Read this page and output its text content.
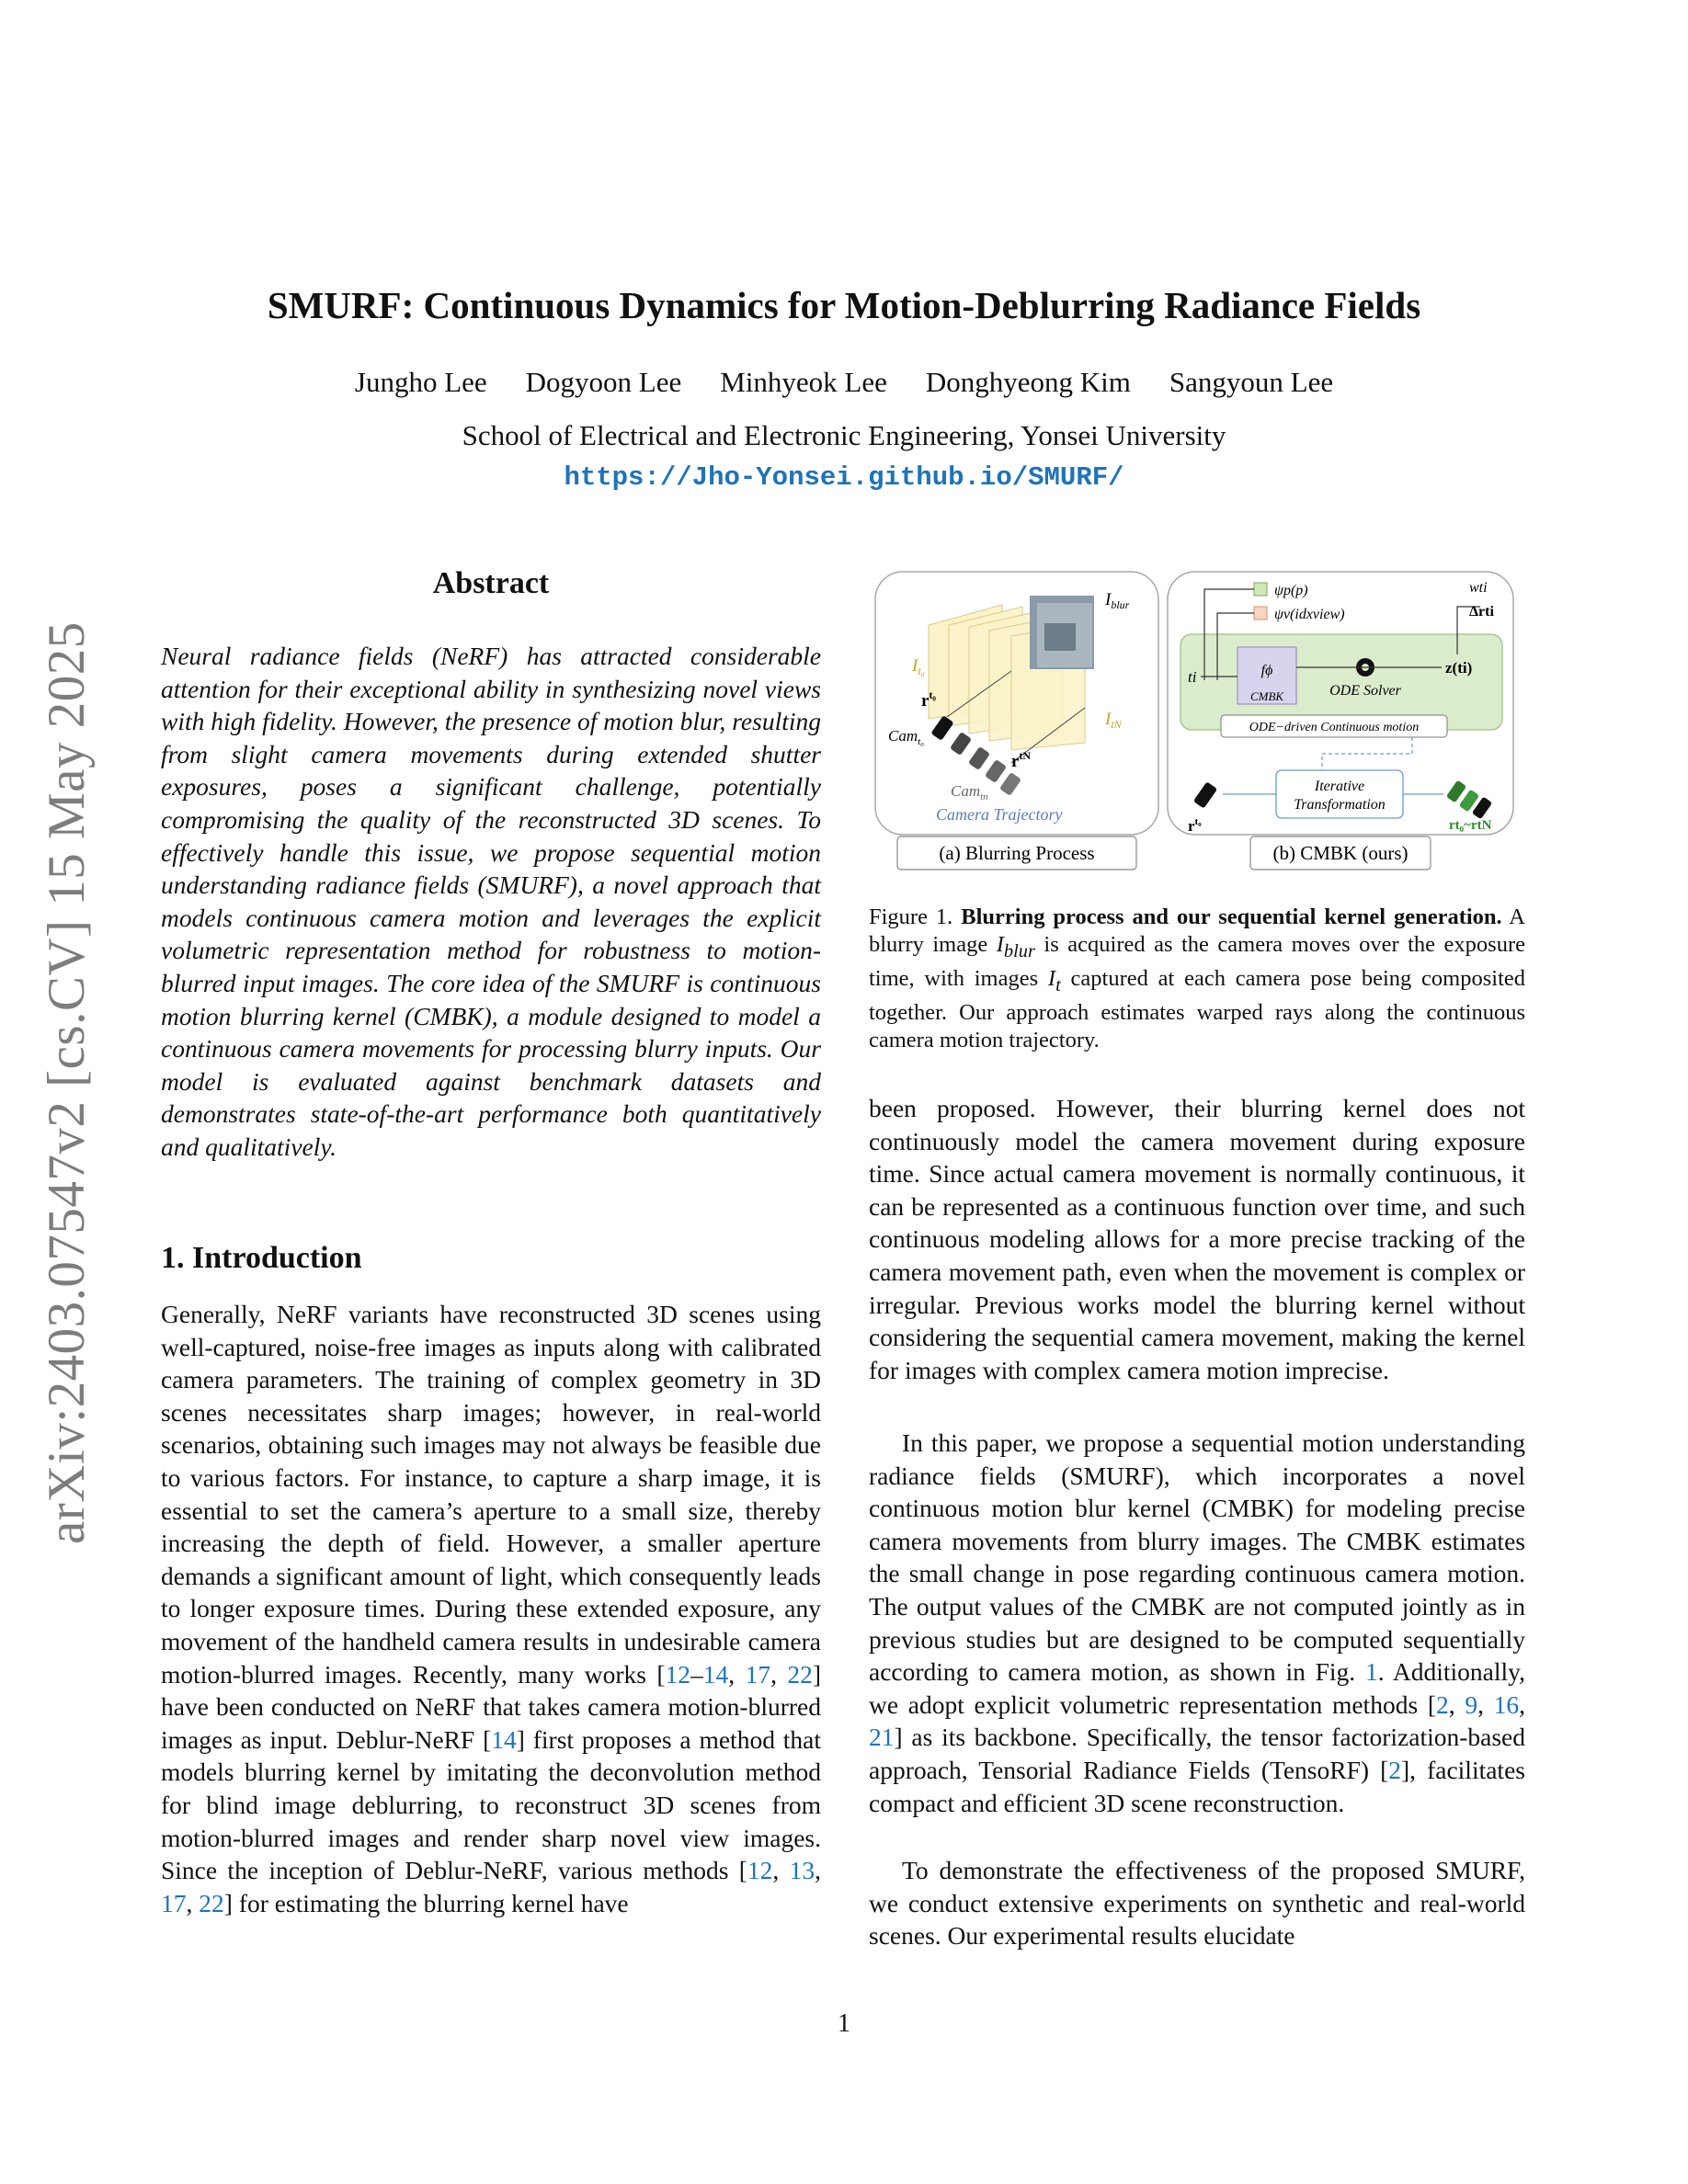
arXiv:2403.07547v2 [cs.CV] 15 May 2025
SMURF: Continuous Dynamics for Motion-Deblurring Radiance Fields
Jungho Lee Dogyoon Lee Minhyeok Lee Donghyeong Kim Sangyoun Lee
School of Electrical and Electronic Engineering, Yonsei University
https://Jho-Yonsei.github.io/SMURF/
Abstract
Neural radiance fields (NeRF) has attracted considerable attention for their exceptional ability in synthesizing novel views with high fidelity. However, the presence of motion blur, resulting from slight camera movements during extended shutter exposures, poses a significant challenge, potentially compromising the quality of the reconstructed 3D scenes. To effectively handle this issue, we propose sequential motion understanding radiance fields (SMURF), a novel approach that models continuous camera motion and leverages the explicit volumetric representation method for robustness to motion-blurred input images. The core idea of the SMURF is continuous motion blurring kernel (CMBK), a module designed to model a continuous camera movements for processing blurry inputs. Our model is evaluated against benchmark datasets and demonstrates state-of-the-art performance both quantitatively and qualitatively.
1. Introduction
Generally, NeRF variants have reconstructed 3D scenes using well-captured, noise-free images as inputs along with calibrated camera parameters. The training of complex geometry in 3D scenes necessitates sharp images; however, in real-world scenarios, obtaining such images may not always be feasible due to various factors. For instance, to capture a sharp image, it is essential to set the camera’s aperture to a small size, thereby increasing the depth of field. However, a smaller aperture demands a significant amount of light, which consequently leads to longer exposure times. During these extended exposure, any movement of the handheld camera results in undesirable camera motion-blurred images. Recently, many works [12–14, 17, 22] have been conducted on NeRF that takes camera motion-blurred images as input. Deblur-NeRF [14] first proposes a method that models blurring kernel by imitating the deconvolution method for blind image deblurring, to reconstruct 3D scenes from motion-blurred images and render sharp novel view images. Since the inception of Deblur-NeRF, various methods [12, 13, 17, 22] for estimating the blurring kernel have
$I_{blur}$
$I_{t_0}$
$I_{tN}$
$r^{t_0}$
$r^{tN}$
Cam$_{t_0}$
Cam$_{tn}$
Camera Trajectory
(a) Blurring Process
ψp(p)
ψv(idxview)
fϕ
CMBK
ti
ODE Solver
z(ti)
wti
Δrti
ODE−driven Continuous motion
Iterative
Transformation
$r^{t_0}$	rt₀~rtN
(b) CMBK (ours)
Figure 1. Blurring process and our sequential kernel generation. A blurry image $I_{blur}$ is acquired as the camera moves over the exposure time, with images $I_t$ captured at each camera pose being composited together. Our approach estimates warped rays along the continuous camera motion trajectory.
been proposed. However, their blurring kernel does not continuously model the camera movement during exposure time. Since actual camera movement is normally continuous, it can be represented as a continuous function over time, and such continuous modeling allows for a more precise tracking of the camera movement path, even when the movement is complex or irregular. Previous works model the blurring kernel without considering the sequential camera movement, making the kernel for images with complex camera motion imprecise.
In this paper, we propose a sequential motion understanding radiance fields (SMURF), which incorporates a novel continuous motion blur kernel (CMBK) for modeling precise camera movements from blurry images. The CMBK estimates the small change in pose regarding continuous camera motion. The output values of the CMBK are not computed jointly as in previous studies but are designed to be computed sequentially according to camera motion, as shown in Fig. 1. Additionally, we adopt explicit volumetric representation methods [2, 9, 16, 21] as its backbone. Specifically, the tensor factorization-based approach, Tensorial Radiance Fields (TensoRF) [2], facilitates compact and efficient 3D scene reconstruction.
To demonstrate the effectiveness of the proposed SMURF, we conduct extensive experiments on synthetic and real-world scenes. Our experimental results elucidate
1
